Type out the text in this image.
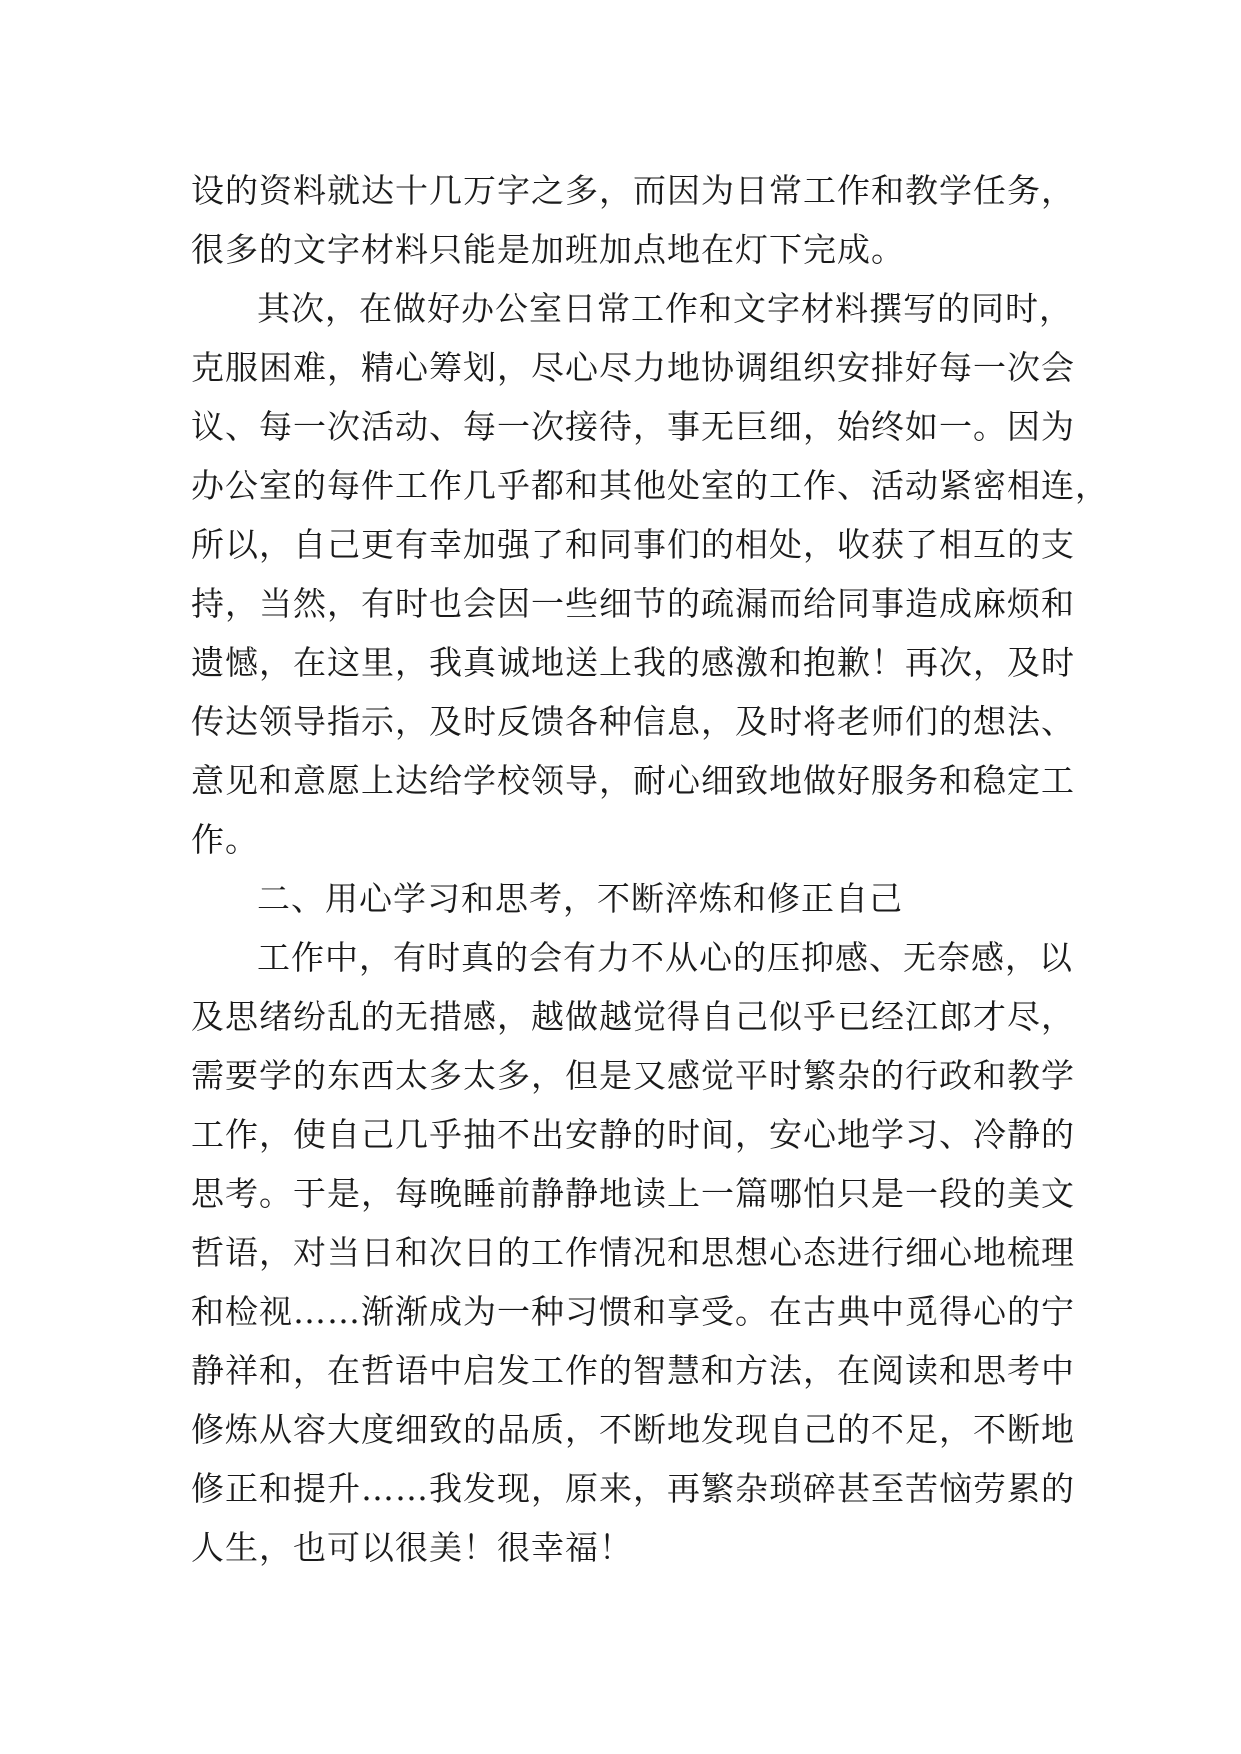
设的资料就达十几万字之多，而因为日常工作和教学任务，
很多的文字材料只能是加班加点地在灯下完成。
其次，在做好办公室日常工作和文字材料撰写的同时，
克服困难，精心筹划，尽心尽力地协调组织安排好每一次会
议、每一次活动、每一次接待，事无巨细，始终如一。因为
办公室的每件工作几乎都和其他处室的工作、活动紧密相连，
所以，自己更有幸加强了和同事们的相处，收获了相互的支
持，当然，有时也会因一些细节的疏漏而给同事造成麻烦和
遗憾，在这里，我真诚地送上我的感激和抱歉！再次，及时
传达领导指示，及时反馈各种信息，及时将老师们的想法、
意见和意愿上达给学校领导，耐心细致地做好服务和稳定工
作。
二、用心学习和思考，不断淬炼和修正自己
工作中，有时真的会有力不从心的压抑感、无奈感，以
及思绪纷乱的无措感，越做越觉得自己似乎已经江郎才尽，
需要学的东西太多太多，但是又感觉平时繁杂的行政和教学
工作，使自己几乎抽不出安静的时间，安心地学习、冷静的
思考。于是，每晚睡前静静地读上一篇哪怕只是一段的美文
哲语，对当日和次日的工作情况和思想心态进行细心地梳理
和检视……渐渐成为一种习惯和享受。在古典中觅得心的宁
静祥和，在哲语中启发工作的智慧和方法，在阅读和思考中
修炼从容大度细致的品质，不断地发现自己的不足，不断地
修正和提升……我发现，原来，再繁杂琐碎甚至苦恼劳累的
人生，也可以很美！很幸福！
